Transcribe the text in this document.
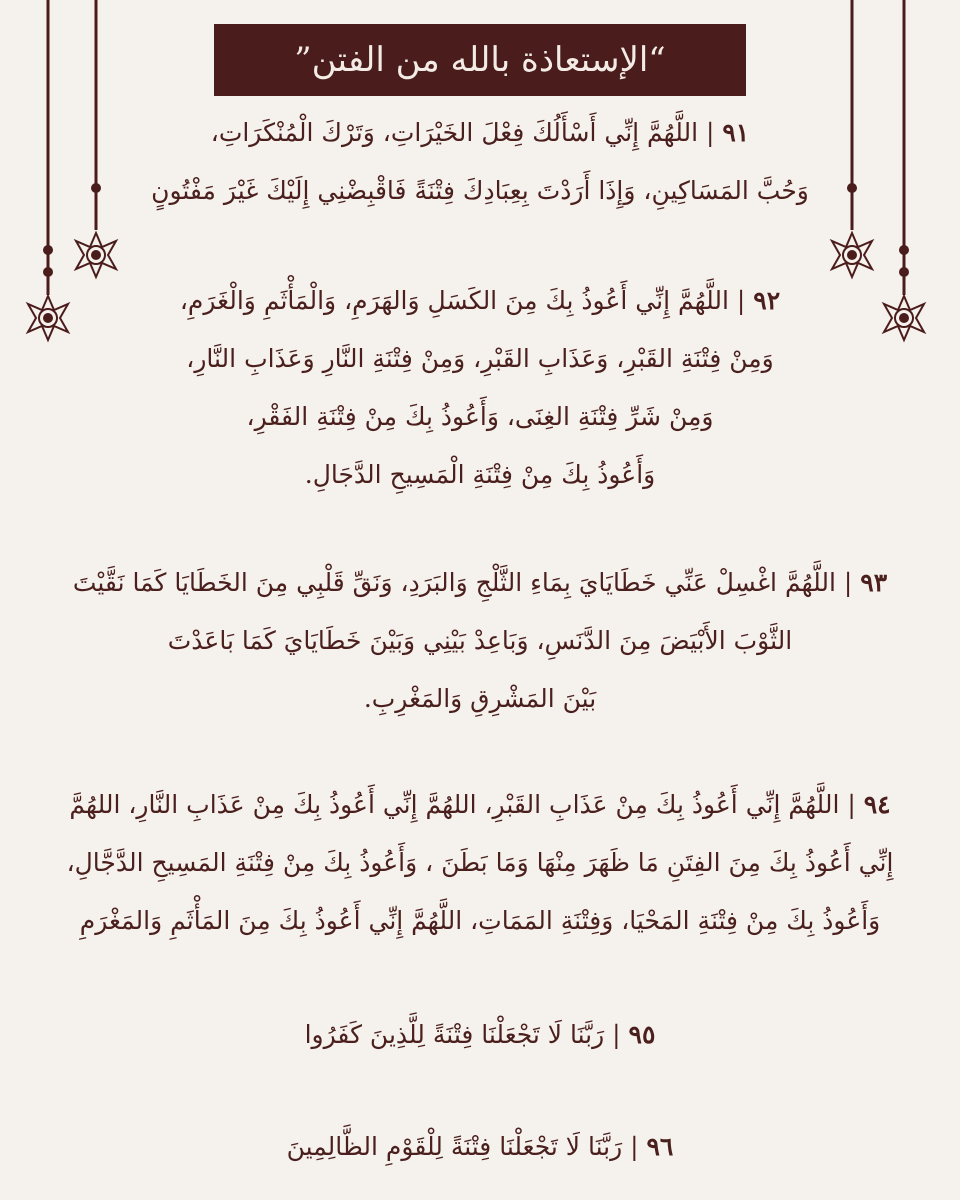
“الإستعاذة بالله من الفتن”
٩١ | اللَّهُمَّ إِنِّي أَسْأَلُكَ فِعْلَ الخَيْرَاتِ، وَتَرْكَ الْمُنْكَرَاتِ،
وَحُبَّ المَسَاكِينِ، وَإِذَا أَرَدْتَ بِعِبَادِكَ فِتْنَةً فَاقْبِضْنِي إِلَيْكَ غَيْرَ مَفْتُونٍ
٩٢ | اللَّهُمَّ إِنِّي أَعُوذُ بِكَ مِنَ الكَسَلِ وَالهَرَمِ، وَالْمَأْثَمِ وَالْغَرَمِ،
وَمِنْ فِتْنَةِ القَبْرِ، وَعَذَابِ القَبْرِ، وَمِنْ فِتْنَةِ النَّارِ وَعَذَابِ النَّارِ،
وَمِنْ شَرِّ فِتْنَةِ الغِنَى، وَأَعُوذُ بِكَ مِنْ فِتْنَةِ الفَقْرِ،
وَأَعُوذُ بِكَ مِنْ فِتْنَةِ الْمَسِيحِ الدَّجَالِ.
٩٣ | اللَّهُمَّ اغْسِلْ عَنِّي خَطَايَايَ بِمَاءِ الثَّلْجِ وَالبَرَدِ، وَنَقِّ قَلْبِي مِنَ الخَطَايَا كَمَا نَقَّيْتَ
الثَّوْبَ الأَبْيَضَ مِنَ الدَّنَسِ، وَبَاعِدْ بَيْنِي وَبَيْنَ خَطَايَايَ كَمَا بَاعَدْتَ
بَيْنَ المَشْرِقِ وَالمَغْرِبِ.
٩٤ | اللَّهُمَّ إِنِّي أَعُوذُ بِكَ مِنْ عَذَابِ القَبْرِ، اللهُمَّ إِنِّي أَعُوذُ بِكَ مِنْ عَذَابِ النَّارِ، اللهُمَّ
إِنِّي أَعُوذُ بِكَ مِنَ الفِتَنِ مَا ظَهَرَ مِنْهَا وَمَا بَطَنَ ، وَأَعُوذُ بِكَ مِنْ فِتْنَةِ المَسِيحِ الدَّجَّالِ،
وَأَعُوذُ بِكَ مِنْ فِتْنَةِ المَحْيَا، وَفِتْنَةِ المَمَاتِ، اللَّهُمَّ إِنِّي أَعُوذُ بِكَ مِنَ المَأْثَمِ وَالمَغْرَمِ
٩٥ | رَبَّنَا لَا تَجْعَلْنَا فِتْنَةً لِلَّذِينَ كَفَرُوا
٩٦ | رَبَّنَا لَا تَجْعَلْنَا فِتْنَةً لِلْقَوْمِ الظَّالِمِينَ
